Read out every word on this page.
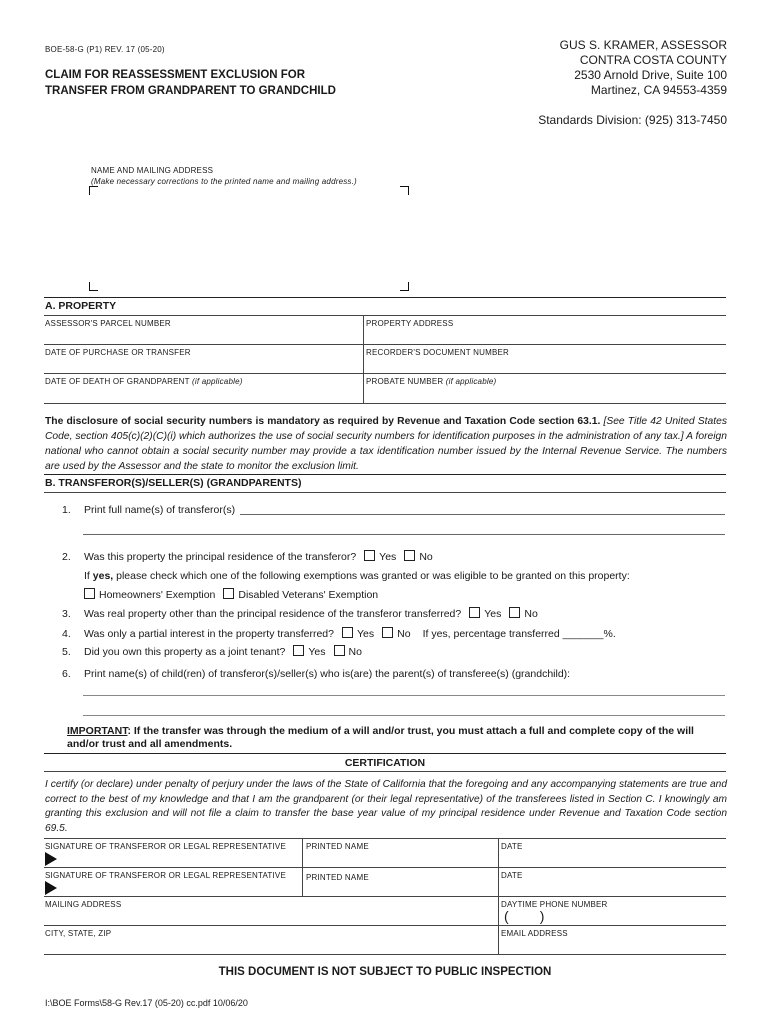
BOE-58-G (P1) REV. 17 (05-20)
CLAIM FOR REASSESSMENT EXCLUSION FOR
TRANSFER FROM GRANDPARENT TO GRANDCHILD
GUS S. KRAMER, ASSESSOR
CONTRA COSTA COUNTY
2530 Arnold Drive, Suite 100
Martinez, CA 94553-4359
Standards Division: (925) 313-7450
NAME AND MAILING ADDRESS
(Make necessary corrections to the printed name and mailing address.)
A. PROPERTY
ASSESSOR'S PARCEL NUMBER	PROPERTY ADDRESS
DATE OF PURCHASE OR TRANSFER	RECORDER'S DOCUMENT NUMBER
DATE OF DEATH OF GRANDPARENT (if applicable)	PROBATE NUMBER (if applicable)
The disclosure of social security numbers is mandatory as required by Revenue and Taxation Code section 63.1. [See Title 42 United States Code, section 405(c)(2)(C)(i) which authorizes the use of social security numbers for identification purposes in the administration of any tax.] A foreign national who cannot obtain a social security number may provide a tax identification number issued by the Internal Revenue Service. The numbers are used by the Assessor and the state to monitor the exclusion limit.
B. TRANSFEROR(S)/SELLER(S) (GRANDPARENTS)
1. Print full name(s) of transferor(s)
2. Was this property the principal residence of the transferor? Yes No
If yes, please check which one of the following exemptions was granted or was eligible to be granted on this property:
Homeowners' Exemption Disabled Veterans' Exemption
3. Was real property other than the principal residence of the transferor transferred? Yes No
4. Was only a partial interest in the property transferred? Yes No If yes, percentage transferred _______%.
5. Did you own this property as a joint tenant? Yes No
6. Print name(s) of child(ren) of transferor(s)/seller(s) who is(are) the parent(s) of transferee(s) (grandchild):
IMPORTANT: If the transfer was through the medium of a will and/or trust, you must attach a full and complete copy of the will
and/or trust and all amendments.
CERTIFICATION
I certify (or declare) under penalty of perjury under the laws of the State of California that the foregoing and any accompanying statements are true and correct to the best of my knowledge and that I am the grandparent (or their legal representative) of the transferees listed in Section C. I knowingly am granting this exclusion and will not file a claim to transfer the base year value of my principal residence under Revenue and Taxation Code section 69.5.
SIGNATURE OF TRANSFEROR OR LEGAL REPRESENTATIVE	PRINTED NAME	DATE
SIGNATURE OF TRANSFEROR OR LEGAL REPRESENTATIVE	PRINTED NAME	DATE
MAILING ADDRESS	DAYTIME PHONE NUMBER
(        )
CITY, STATE, ZIP	EMAIL ADDRESS
THIS DOCUMENT IS NOT SUBJECT TO PUBLIC INSPECTION
I:\BOE Forms\58-G Rev.17 (05-20) cc.pdf 10/06/20
